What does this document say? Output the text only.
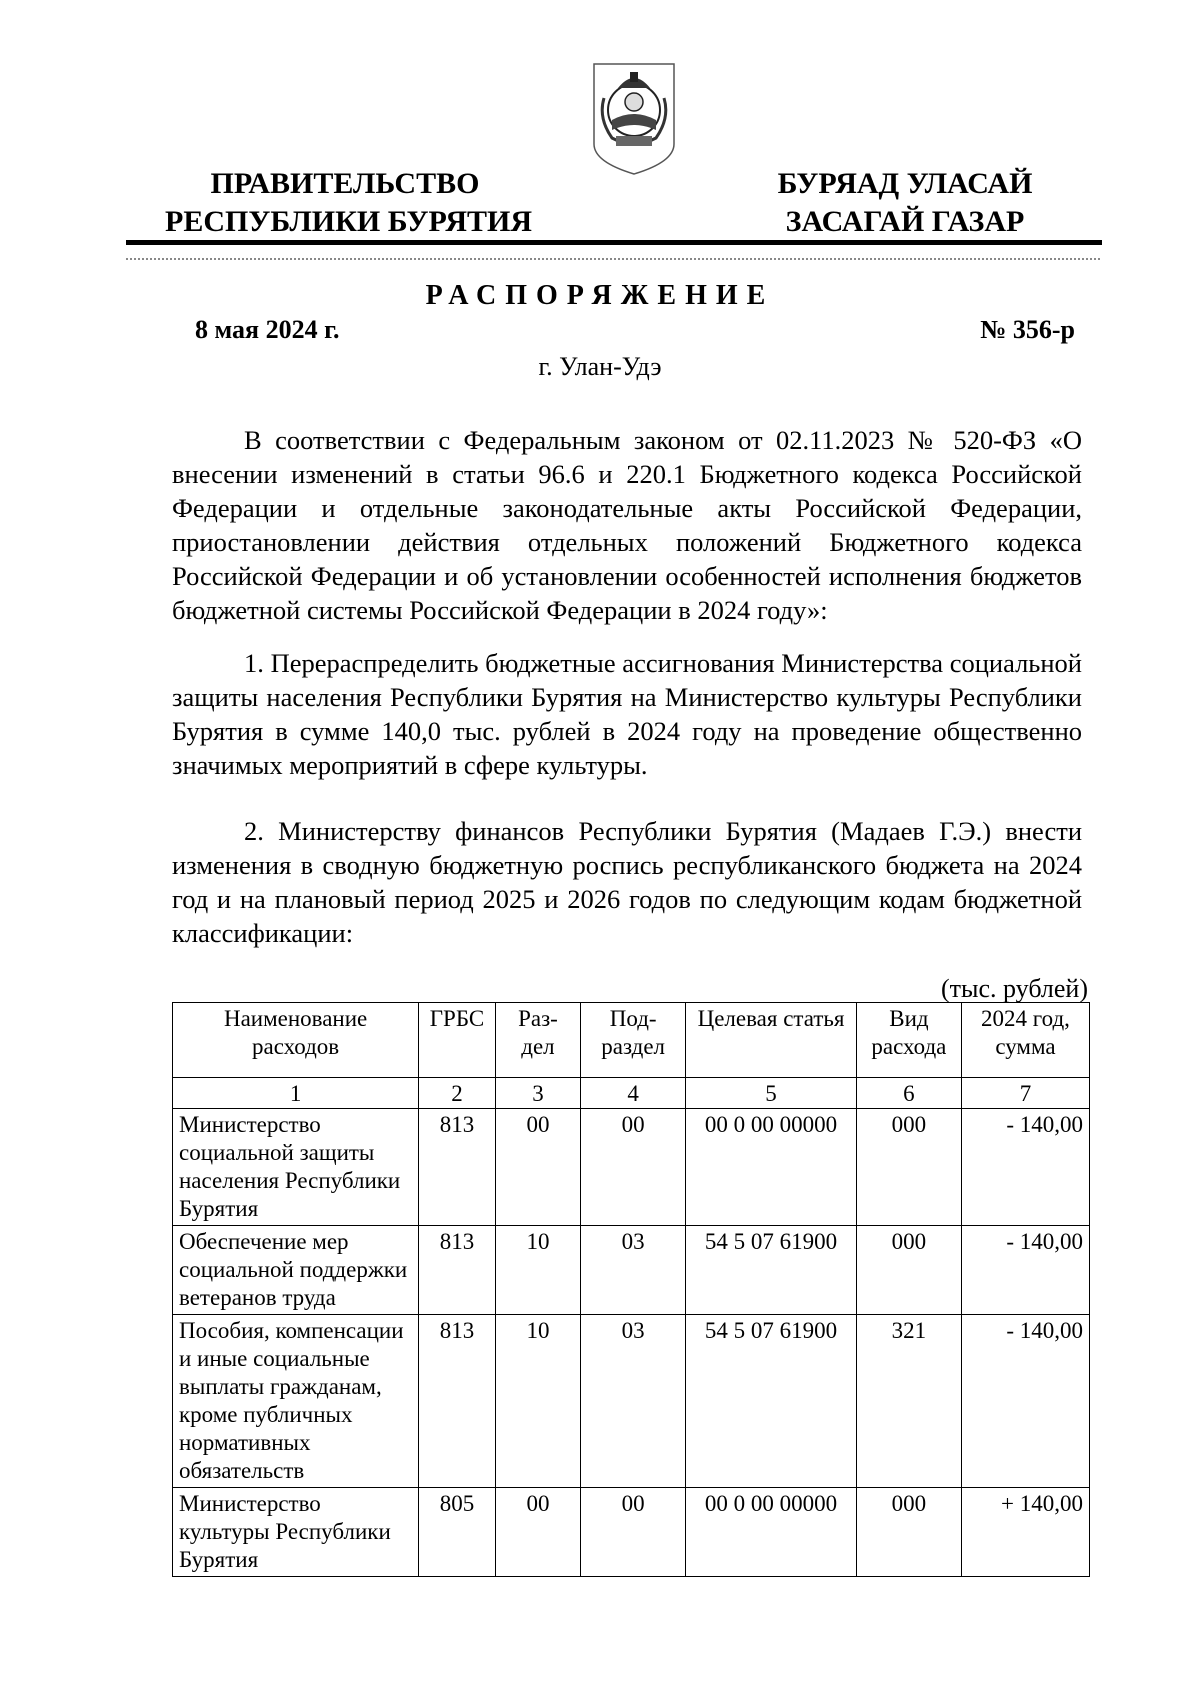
ПРАВИТЕЛЬСТВО
РЕСПУБЛИКИ БУРЯТИЯ
БУРЯАД УЛАСАЙ
ЗАСАГАЙ ГАЗАР
РАСПОРЯЖЕНИЕ
8 мая 2024 г.	№ 356-р
г. Улан-Удэ

В соответствии с Федеральным законом от 02.11.2023 № 520-ФЗ «О внесении изменений в статьи 96.6 и 220.1 Бюджетного кодекса Российской Федерации и отдельные законодательные акты Российской Федерации, приостановлении действия отдельных положений Бюджетного кодекса Российской Федерации и об установлении особенностей исполнения бюджетов бюджетной системы Российской Федерации в 2024 году»:

1. Перераспределить бюджетные ассигнования Министерства социальной защиты населения Республики Бурятия на Министерство культуры Республики Бурятия в сумме 140,0 тыс. рублей в 2024 году на проведение общественно значимых мероприятий в сфере культуры.

2. Министерству финансов Республики Бурятия (Мадаев Г.Э.) внести изменения в сводную бюджетную роспись республиканского бюджета на 2024 год и на плановый период 2025 и 2026 годов по следующим кодам бюджетной классификации:

(тыс. рублей)
Наименование расходов	ГРБС	Раз-дел	Под-раздел	Целевая статья	Вид расхода	2024 год, сумма
1	2	3	4	5	6	7
Министерство социальной защиты населения Республики Бурятия	813	00	00	00 0 00 00000	000	- 140,00
Обеспечение мер социальной поддержки ветеранов труда	813	10	03	54 5 07 61900	000	- 140,00
Пособия, компенсации и иные социальные выплаты гражданам, кроме публичных нормативных обязательств	813	10	03	54 5 07 61900	321	- 140,00
Министерство культуры Республики Бурятия	805	00	00	00 0 00 00000	000	+ 140,00
